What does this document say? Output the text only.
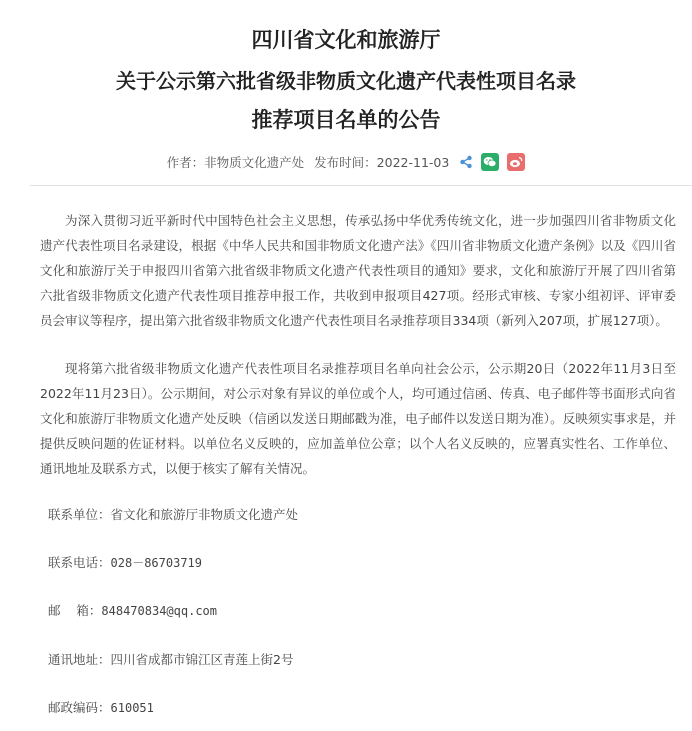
四川省文化和旅游厅
关于公示第六批省级非物质文化遗产代表性项目名录
推荐项目名单的公告
作者：非物质文化遗产处 发布时间：2022-11-03

为深入贯彻习近平新时代中国特色社会主义思想，传承弘扬中华优秀传统文化，进一步加强四川省非物质文化遗产代表性项目名录建设，根据《中华人民共和国非物质文化遗产法》《四川省非物质文化遗产条例》以及《四川省文化和旅游厅关于申报四川省第六批省级非物质文化遗产代表性项目的通知》要求，文化和旅游厅开展了四川省第六批省级非物质文化遗产代表性项目推荐申报工作，共收到申报项目427项。经形式审核、专家小组初评、评审委员会审议等程序，提出第六批省级非物质文化遗产代表性项目名录推荐项目334项（新列入207项，扩展127项）。

现将第六批省级非物质文化遗产代表性项目名录推荐项目名单向社会公示，公示期20日（2022年11月3日至2022年11月23日）。公示期间，对公示对象有异议的单位或个人，均可通过信函、传真、电子邮件等书面形式向省文化和旅游厅非物质文化遗产处反映（信函以发送日期邮戳为准，电子邮件以发送日期为准）。反映须实事求是，并提供反映问题的佐证材料。以单位名义反映的，应加盖单位公章；以个人名义反映的，应署真实性名、工作单位、通讯地址及联系方式，以便于核实了解有关情况。

联系单位：省文化和旅游厅非物质文化遗产处

联系电话：028－86703719

邮    箱：848470834@qq.com

通讯地址：四川省成都市锦江区青莲上街2号

邮政编码：610051
